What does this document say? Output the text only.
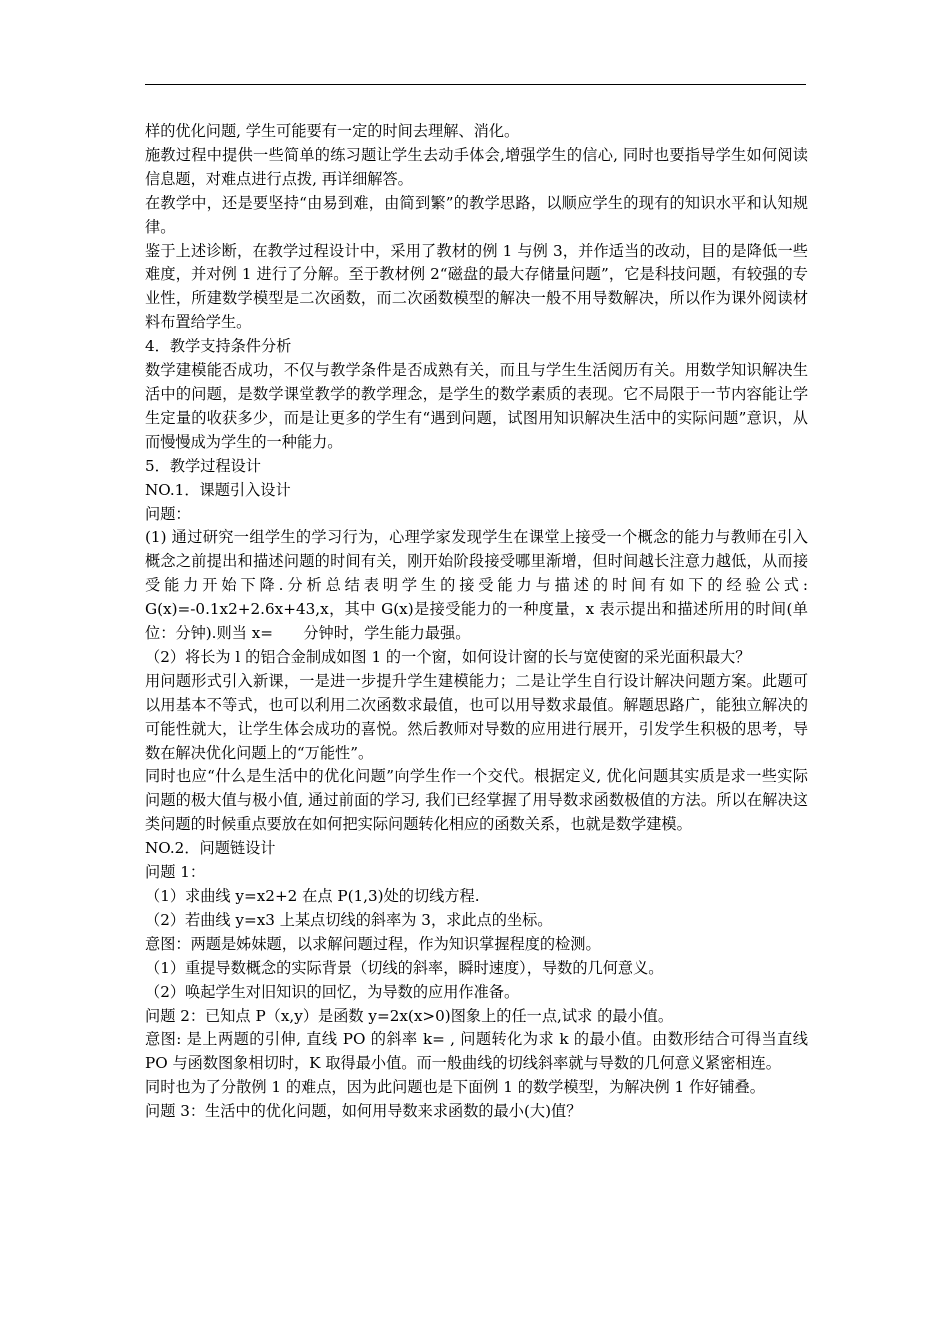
样的优化问题, 学生可能要有一定的时间去理解、消化。

施教过程中提供一些简单的练习题让学生去动手体会,增强学生的信心, 同时也要指导学生如何阅读信息题，对难点进行点拨, 再详细解答。

在教学中，还是要坚持“由易到难，由简到繁”的教学思路，以顺应学生的现有的知识水平和认知规律。

鉴于上述诊断，在教学过程设计中，采用了教材的例 1 与例 3，并作适当的改动，目的是降低一些难度，并对例 1 进行了分解。至于教材例 2“磁盘的最大存储量问题”，它是科技问题，有较强的专业性，所建数学模型是二次函数，而二次函数模型的解决一般不用导数解决，所以作为课外阅读材料布置给学生。

4．教学支持条件分析

数学建模能否成功，不仅与教学条件是否成熟有关，而且与学生生活阅历有关。用数学知识解决生活中的问题，是数学课堂教学的教学理念，是学生的数学素质的表现。它不局限于一节内容能让学生定量的收获多少，而是让更多的学生有“遇到问题，试图用知识解决生活中的实际问题”意识，从而慢慢成为学生的一种能力。

5．教学过程设计

NO.1．课题引入设计

问题：

(1) 通过研究一组学生的学习行为，心理学家发现学生在课堂上接受一个概念的能力与教师在引入概念之前提出和描述问题的时间有关，刚开始阶段接受哪里渐增，但时间越长注意力越低，从而接受能力开始下降.分析总结表明学生的接受能力与描述的时间有如下的经验公式: G(x)=-0.1x2+2.6x+43,x，其中 G(x)是接受能力的一种度量，x 表示提出和描述所用的时间(单位：分钟).则当 x=　　分钟时，学生能力最强。

（2）将长为 l 的铝合金制成如图 1 的一个窗，如何设计窗的长与宽使窗的采光面积最大？

用问题形式引入新课，一是进一步提升学生建模能力；二是让学生自行设计解决问题方案。此题可以用基本不等式，也可以利用二次函数求最值，也可以用导数求最值。解题思路广，能独立解决的可能性就大，让学生体会成功的喜悦。然后教师对导数的应用进行展开，引发学生积极的思考，导数在解决优化问题上的“万能性”。

同时也应“什么是生活中的优化问题”向学生作一个交代。根据定义, 优化问题其实质是求一些实际问题的极大值与极小值, 通过前面的学习, 我们已经掌握了用导数求函数极值的方法。所以在解决这类问题的时候重点要放在如何把实际问题转化相应的函数关系，也就是数学建模。

NO.2．问题链设计

问题 1：

（1）求曲线 y=x2+2 在点 P(1,3)处的切线方程.

（2）若曲线 y=x3 上某点切线的斜率为 3，求此点的坐标。

意图：两题是姊妹题，以求解问题过程，作为知识掌握程度的检测。

（1）重提导数概念的实际背景（切线的斜率，瞬时速度），导数的几何意义。

（2）唤起学生对旧知识的回忆，为导数的应用作准备。

问题 2：已知点 P（x,y）是函数 y=2x(x>0)图象上的任一点,试求 的最小值。

意图: 是上两题的引伸, 直线 PO 的斜率 k= , 问题转化为求 k 的最小值。由数形结合可得当直线 PO 与函数图象相切时，K 取得最小值。而一般曲线的切线斜率就与导数的几何意义紧密相连。

同时也为了分散例 1 的难点，因为此问题也是下面例 1 的数学模型，为解决例 1 作好铺叠。

问题 3：生活中的优化问题，如何用导数来求函数的最小(大)值？
